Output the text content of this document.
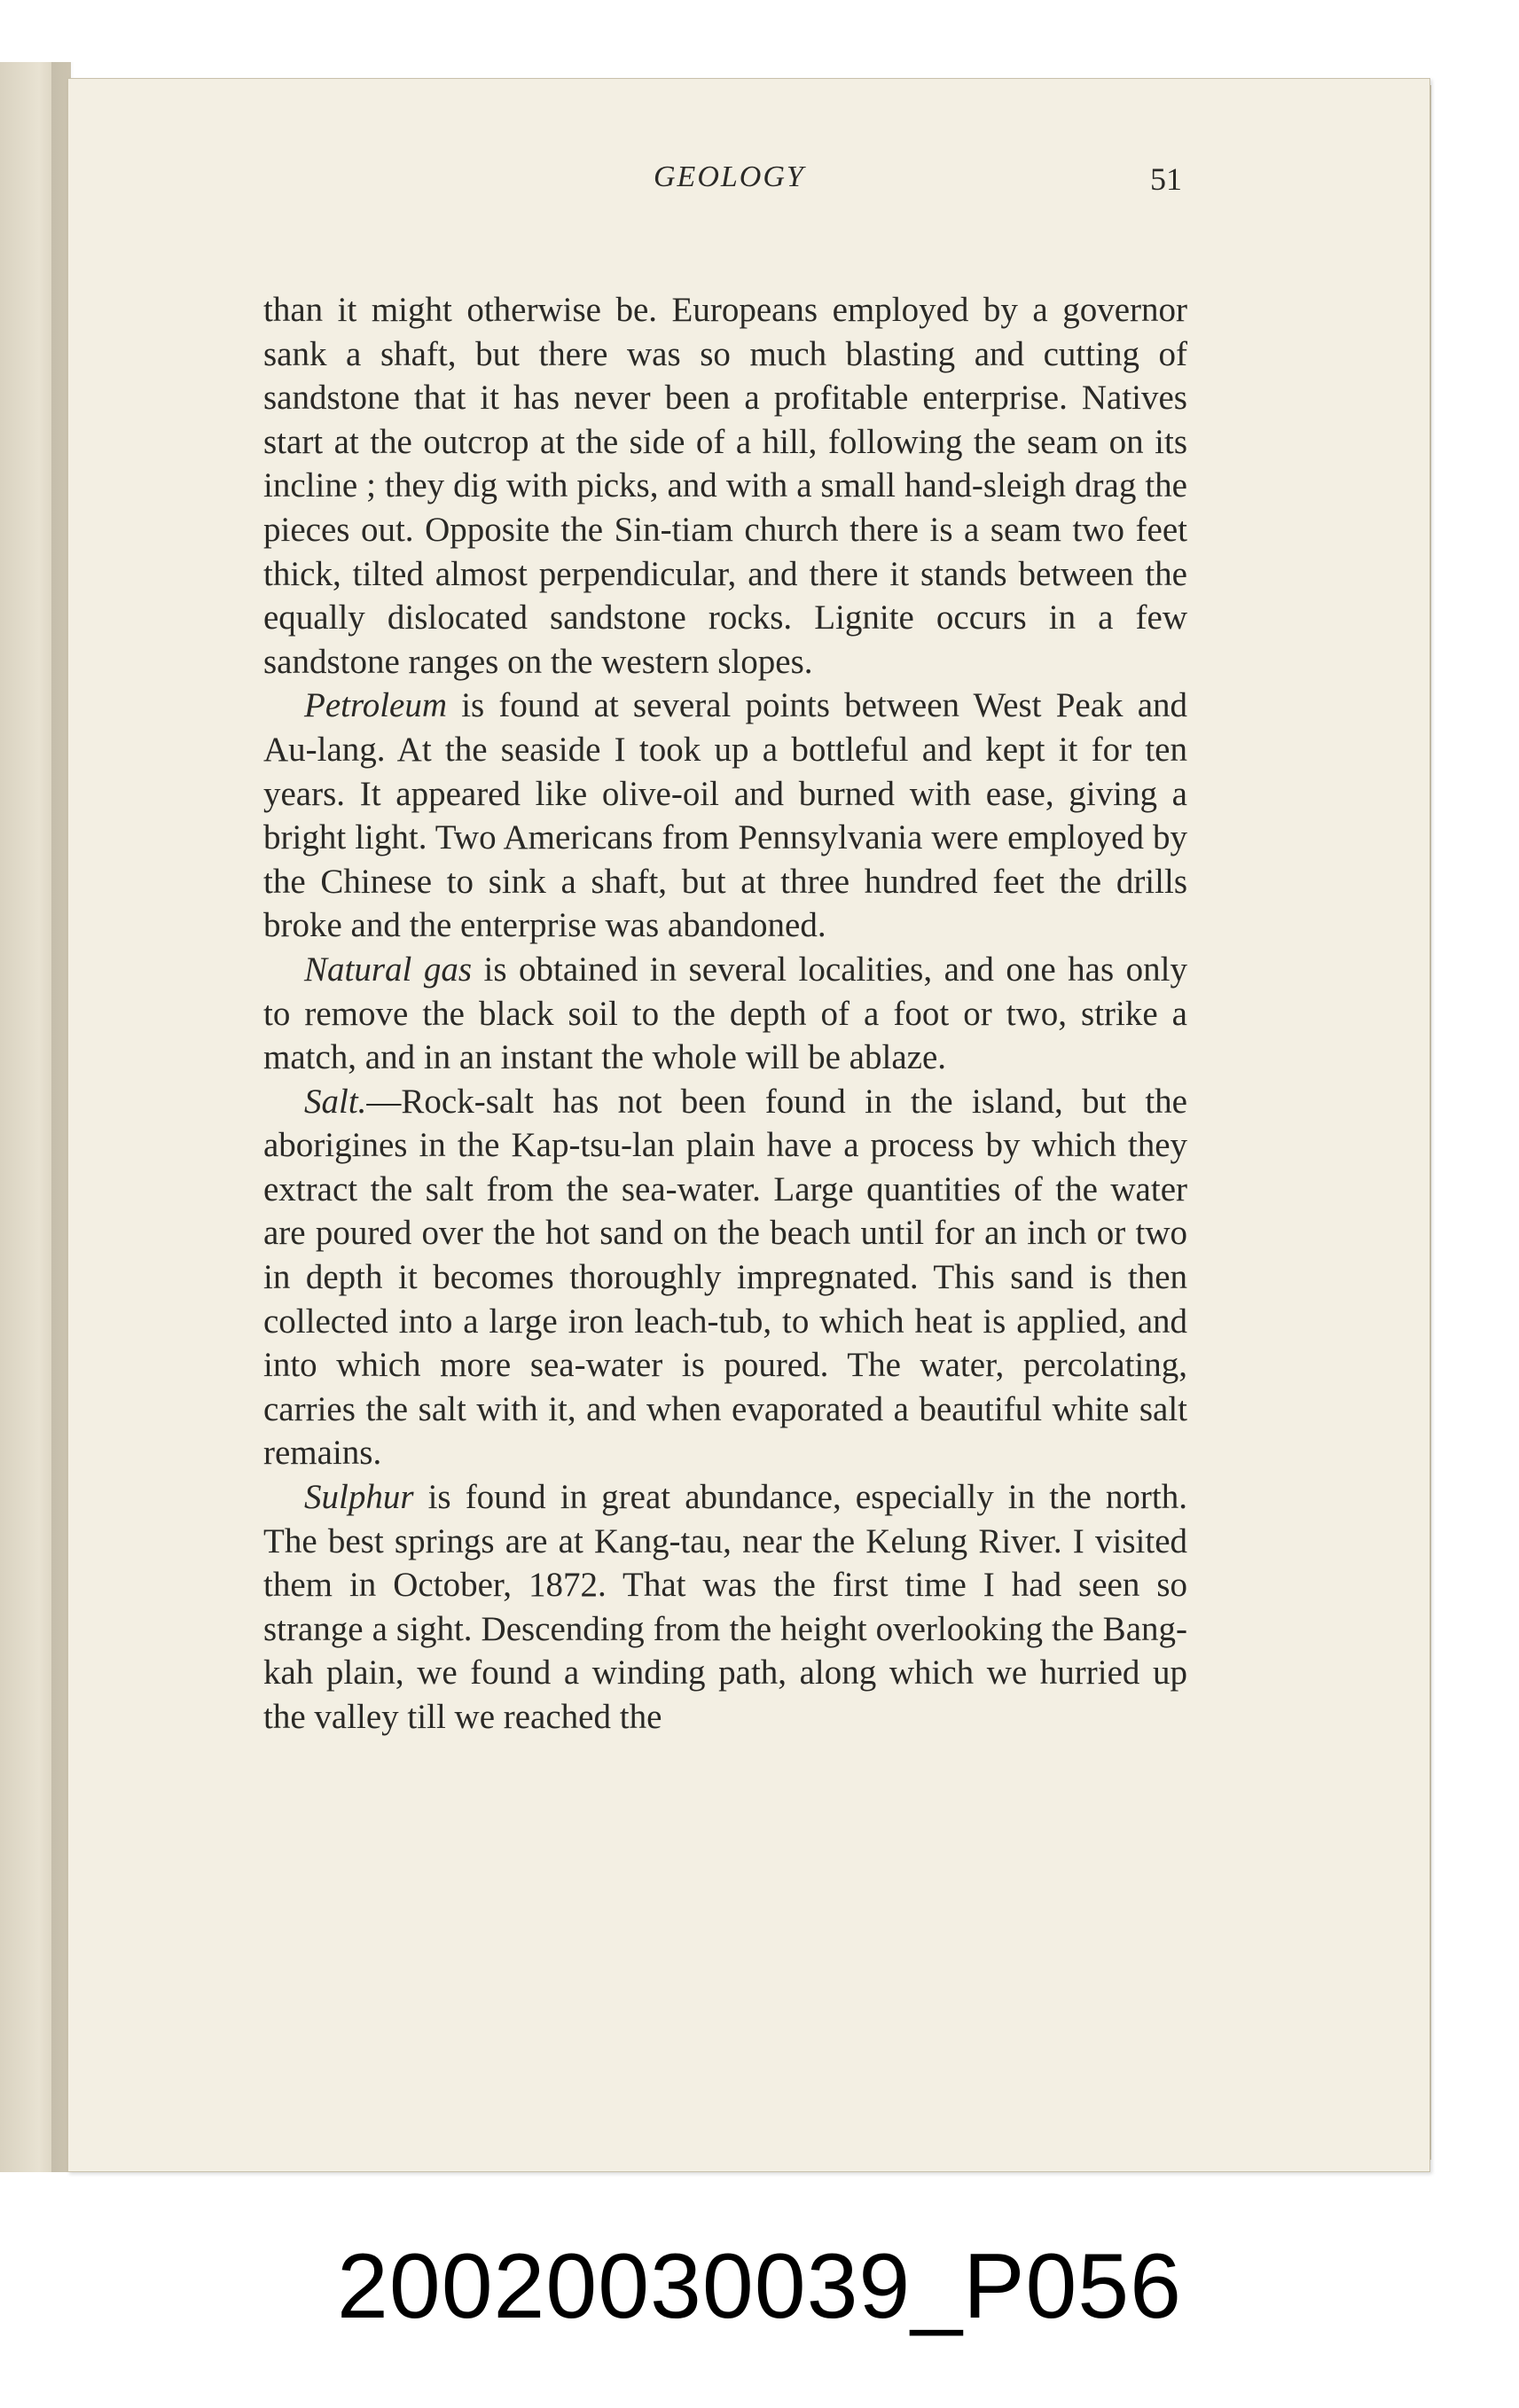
GEOLOGY	51

than it might otherwise be. Europeans employed by a governor sank a shaft, but there was so much blasting and cutting of sandstone that it has never been a profitable enterprise. Natives start at the outcrop at the side of a hill, following the seam on its incline ; they dig with picks, and with a small hand-sleigh drag the pieces out. Opposite the Sin-tiam church there is a seam two feet thick, tilted almost perpendicular, and there it stands between the equally dislocated sandstone rocks. Lignite occurs in a few sandstone ranges on the western slopes.

Petroleum is found at several points between West Peak and Au-lang. At the seaside I took up a bottleful and kept it for ten years. It appeared like olive-oil and burned with ease, giving a bright light. Two Americans from Pennsylvania were employed by the Chinese to sink a shaft, but at three hundred feet the drills broke and the enterprise was abandoned.

Natural gas is obtained in several localities, and one has only to remove the black soil to the depth of a foot or two, strike a match, and in an instant the whole will be ablaze.

Salt.—Rock-salt has not been found in the island, but the aborigines in the Kap-tsu-lan plain have a process by which they extract the salt from the sea-water. Large quantities of the water are poured over the hot sand on the beach until for an inch or two in depth it becomes thoroughly impregnated. This sand is then collected into a large iron leach-tub, to which heat is applied, and into which more sea-water is poured. The water, percolating, carries the salt with it, and when evaporated a beautiful white salt remains.

Sulphur is found in great abundance, especially in the north. The best springs are at Kang-tau, near the Kelung River. I visited them in October, 1872. That was the first time I had seen so strange a sight. Descending from the height overlooking the Bang-kah plain, we found a winding path, along which we hurried up the valley till we reached the

20020030039_P056
